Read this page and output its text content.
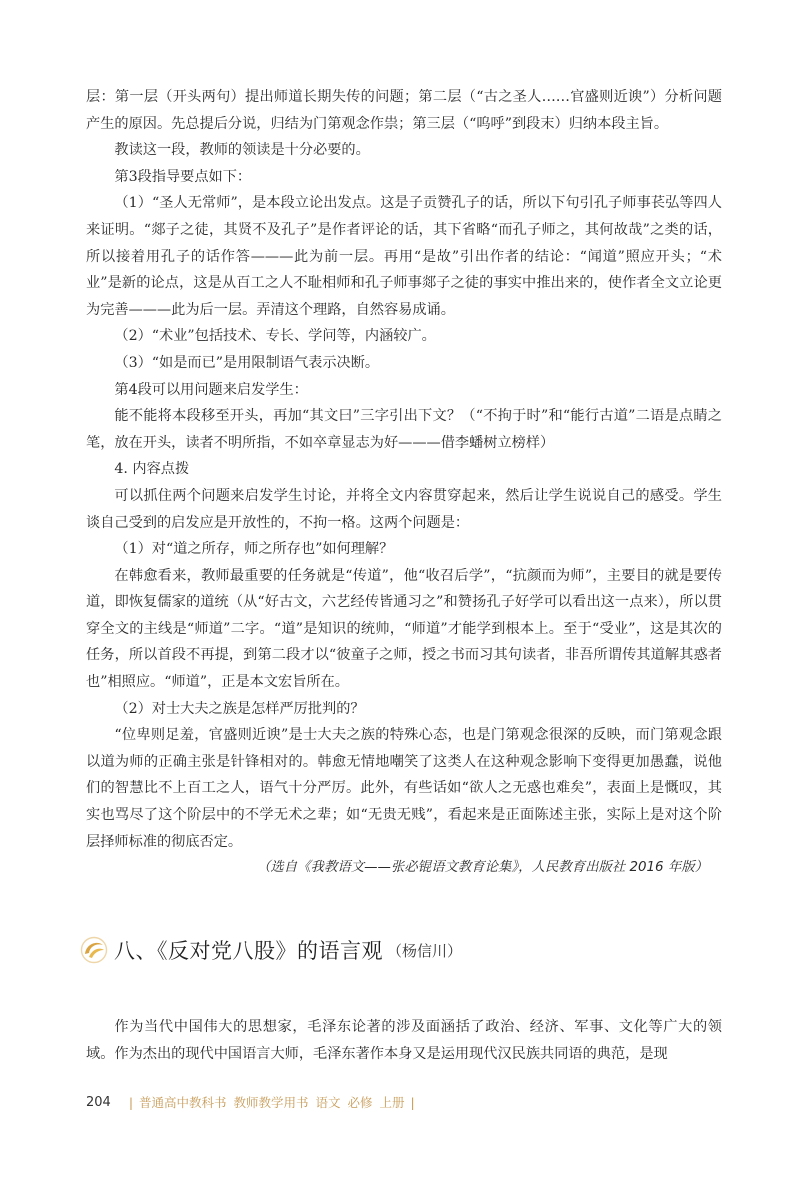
层：第一层（开头两句）提出师道长期失传的问题；第二层（“古之圣人……官盛则近谀”）分析问题产生的原因。先总提后分说，归结为门第观念作祟；第三层（“呜呼”到段末）归纳本段主旨。

教读这一段，教师的领读是十分必要的。

第3段指导要点如下：

（1）“圣人无常师”，是本段立论出发点。这是子贡赞孔子的话，所以下句引孔子师事苌弘等四人来证明。“郯子之徒，其贤不及孔子”是作者评论的话，其下省略“而孔子师之，其何故哉”之类的话，所以接着用孔子的话作答———此为前一层。再用“是故”引出作者的结论：“闻道”照应开头；“术业”是新的论点，这是从百工之人不耻相师和孔子师事郯子之徒的事实中推出来的，使作者全文立论更为完善———此为后一层。弄清这个理路，自然容易成诵。

（2）“术业”包括技术、专长、学问等，内涵较广。

（3）“如是而已”是用限制语气表示决断。

第4段可以用问题来启发学生：

能不能将本段移至开头，再加“其文曰”三字引出下文？（“不拘于时”和“能行古道”二语是点睛之笔，放在开头，读者不明所指，不如卒章显志为好———借李蟠树立榜样）

4. 内容点拨

可以抓住两个问题来启发学生讨论，并将全文内容贯穿起来，然后让学生说说自己的感受。学生谈自己受到的启发应是开放性的，不拘一格。这两个问题是：

（1）对“道之所存，师之所存也”如何理解？

在韩愈看来，教师最重要的任务就是“传道”，他“收召后学”，“抗颜而为师”，主要目的就是要传道，即恢复儒家的道统（从“好古文，六艺经传皆通习之”和赞扬孔子好学可以看出这一点来），所以贯穿全文的主线是“师道”二字。“道”是知识的统帅，“师道”才能学到根本上。至于“受业”，这是其次的任务，所以首段不再提，到第二段才以“彼童子之师，授之书而习其句读者，非吾所谓传其道解其惑者也”相照应。“师道”，正是本文宏旨所在。

（2）对士大夫之族是怎样严厉批判的？

“位卑则足羞，官盛则近谀”是士大夫之族的特殊心态，也是门第观念很深的反映，而门第观念跟以道为师的正确主张是针锋相对的。韩愈无情地嘲笑了这类人在这种观念影响下变得更加愚蠢，说他们的智慧比不上百工之人，语气十分严厉。此外，有些话如“欲人之无惑也难矣”，表面上是慨叹，其实也骂尽了这个阶层中的不学无术之辈；如“无贵无贱”，看起来是正面陈述主张，实际上是对这个阶层择师标准的彻底否定。

（选自《我教语文——张必锟语文教育论集》，人民教育出版社 2016 年版）
八、《反对党八股》的语言观 （杨信川）

作为当代中国伟大的思想家，毛泽东论著的涉及面涵括了政治、经济、军事、文化等广大的领域。作为杰出的现代中国语言大师，毛泽东著作本身又是运用现代汉民族共同语的典范，是现

204 | 普通高中教科书 教师教学用书 语文 必修 上册 |
